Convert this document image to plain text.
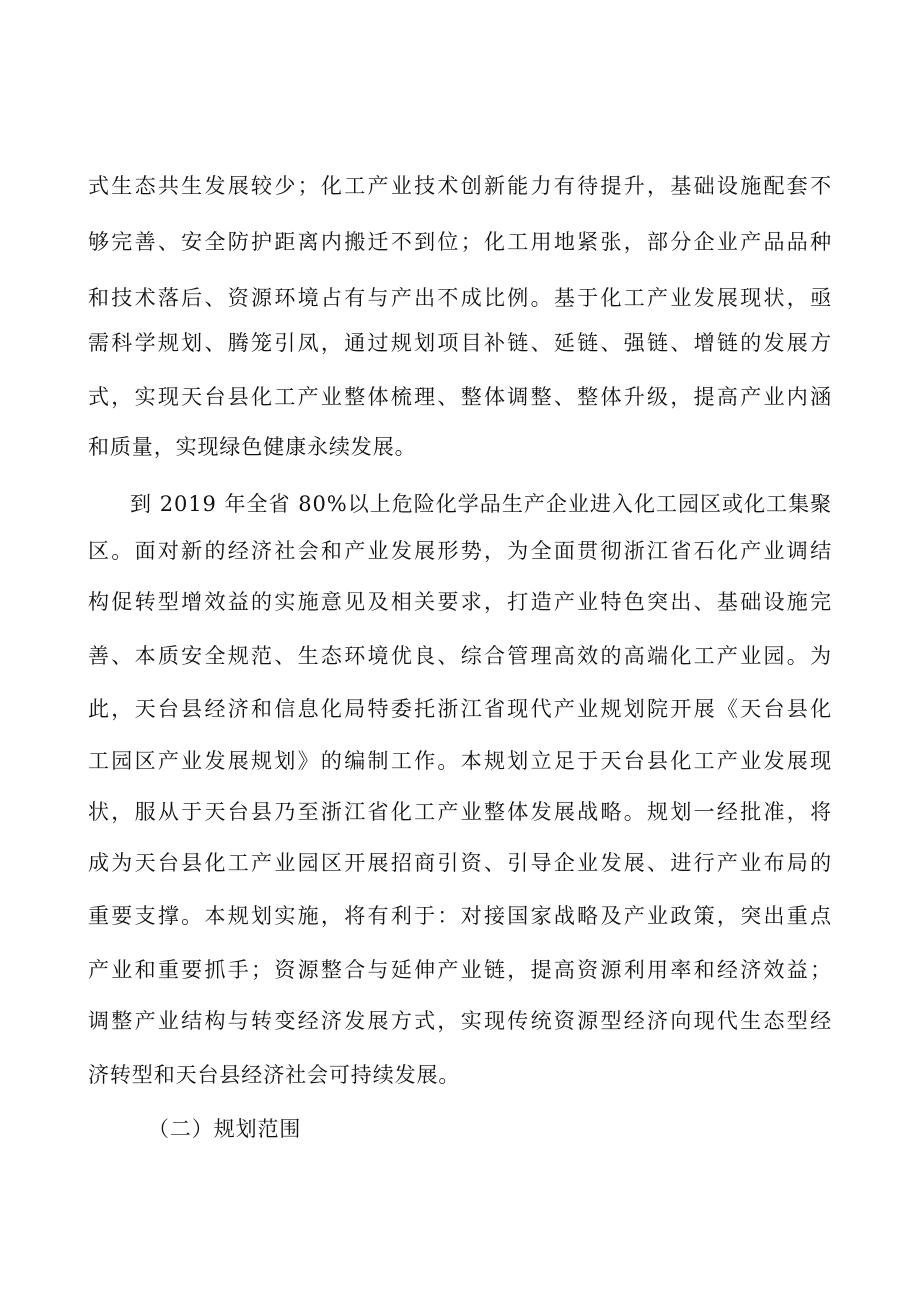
式生态共生发展较少；化工产业技术创新能力有待提升，基础设施配套不
够完善、安全防护距离内搬迁不到位；化工用地紧张，部分企业产品品种
和技术落后、资源环境占有与产出不成比例。基于化工产业发展现状，亟
需科学规划、腾笼引凤，通过规划项目补链、延链、强链、增链的发展方
式，实现天台县化工产业整体梳理、整体调整、整体升级，提高产业内涵
和质量，实现绿色健康永续发展。
到 2019 年全省 80%以上危险化学品生产企业进入化工园区或化工集聚
区。面对新的经济社会和产业发展形势，为全面贯彻浙江省石化产业调结
构促转型增效益的实施意见及相关要求，打造产业特色突出、基础设施完
善、本质安全规范、生态环境优良、综合管理高效的高端化工产业园。为
此，天台县经济和信息化局特委托浙江省现代产业规划院开展《天台县化
工园区产业发展规划》的编制工作。本规划立足于天台县化工产业发展现
状，服从于天台县乃至浙江省化工产业整体发展战略。规划一经批准，将
成为天台县化工产业园区开展招商引资、引导企业发展、进行产业布局的
重要支撑。本规划实施，将有利于：对接国家战略及产业政策，突出重点
产业和重要抓手；资源整合与延伸产业链，提高资源利用率和经济效益；
调整产业结构与转变经济发展方式，实现传统资源型经济向现代生态型经
济转型和天台县经济社会可持续发展。
（二）规划范围
